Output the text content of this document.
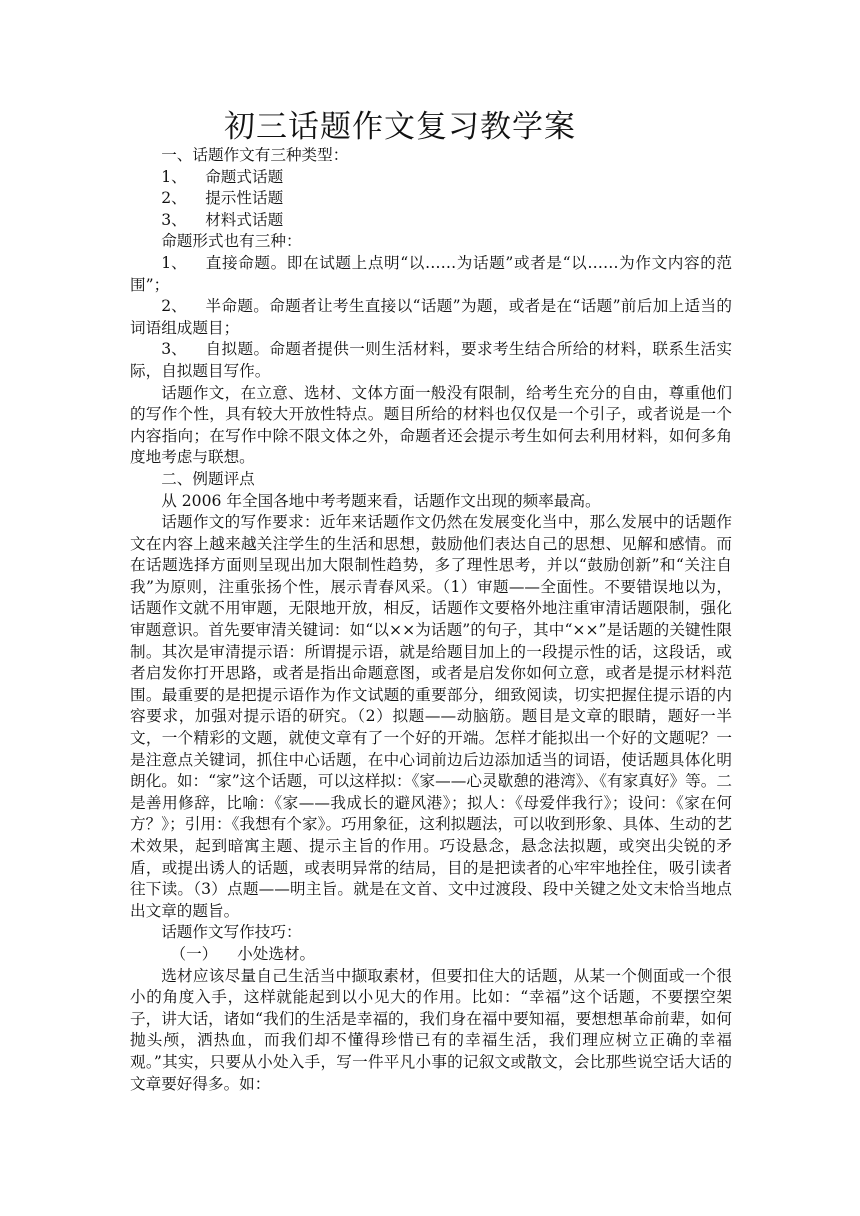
初三话题作文复习教学案

一、话题作文有三种类型：

1、 命题式话题

2、 提示性话题

3、 材料式话题

命题形式也有三种：

1、 直接命题。即在试题上点明“以……为话题”或者是“以……为作文内容的范围”；

2、 半命题。命题者让考生直接以“话题”为题，或者是在“话题”前后加上适当的词语组成题目；

3、 自拟题。命题者提供一则生活材料，要求考生结合所给的材料，联系生活实际，自拟题目写作。

话题作文，在立意、选材、文体方面一般没有限制，给考生充分的自由，尊重他们的写作个性，具有较大开放性特点。题目所给的材料也仅仅是一个引子，或者说是一个内容指向；在写作中除不限文体之外，命题者还会提示考生如何去利用材料，如何多角度地考虑与联想。

二、例题评点

从 2006 年全国各地中考考题来看，话题作文出现的频率最高。

话题作文的写作要求：近年来话题作文仍然在发展变化当中，那么发展中的话题作文在内容上越来越关注学生的生活和思想，鼓励他们表达自己的思想、见解和感情。而在话题选择方面则呈现出加大限制性趋势，多了理性思考，并以“鼓励创新”和“关注自我”为原则，注重张扬个性，展示青春风采。（1）审题——全面性。不要错误地以为，话题作文就不用审题，无限地开放，相反，话题作文要格外地注重审清话题限制，强化审题意识。首先要审清关键词：如“以××为话题”的句子，其中“××”是话题的关键性限制。其次是审清提示语：所谓提示语，就是给题目加上的一段提示性的话，这段话，或者启发你打开思路，或者是指出命题意图，或者是启发你如何立意，或者是提示材料范围。最重要的是把提示语作为作文试题的重要部分，细致阅读，切实把握住提示语的内容要求，加强对提示语的研究。（2）拟题——动脑筋。题目是文章的眼睛，题好一半文，一个精彩的文题，就使文章有了一个好的开端。怎样才能拟出一个好的文题呢？一是注意点关键词，抓住中心话题，在中心词前边后边添加适当的词语，使话题具体化明朗化。如：“家”这个话题，可以这样拟：《家——心灵歇憩的港湾》、《有家真好》等。二是善用修辞，比喻：《家——我成长的避风港》；拟人：《母爱伴我行》；设问：《家在何方？》；引用：《我想有个家》。巧用象征，这利拟题法，可以收到形象、具体、生动的艺术效果，起到暗寓主题、提示主旨的作用。巧设悬念，悬念法拟题，或突出尖锐的矛盾，或提出诱人的话题，或表明异常的结局，目的是把读者的心牢牢地拴住，吸引读者往下读。（3）点题——明主旨。就是在文首、文中过渡段、段中关键之处文末恰当地点出文章的题旨。

话题作文写作技巧：

（一） 小处选材。

选材应该尽量自己生活当中撷取素材，但要扣住大的话题，从某一个侧面或一个很小的角度入手，这样就能起到以小见大的作用。比如：“幸福”这个话题，不要摆空架子，讲大话，诸如“我们的生活是幸福的，我们身在福中要知福，要想想革命前辈，如何抛头颅，洒热血，而我们却不懂得珍惜已有的幸福生活，我们理应树立正确的幸福观。”其实，只要从小处入手，写一件平凡小事的记叙文或散文，会比那些说空话大话的文章要好得多。如：
